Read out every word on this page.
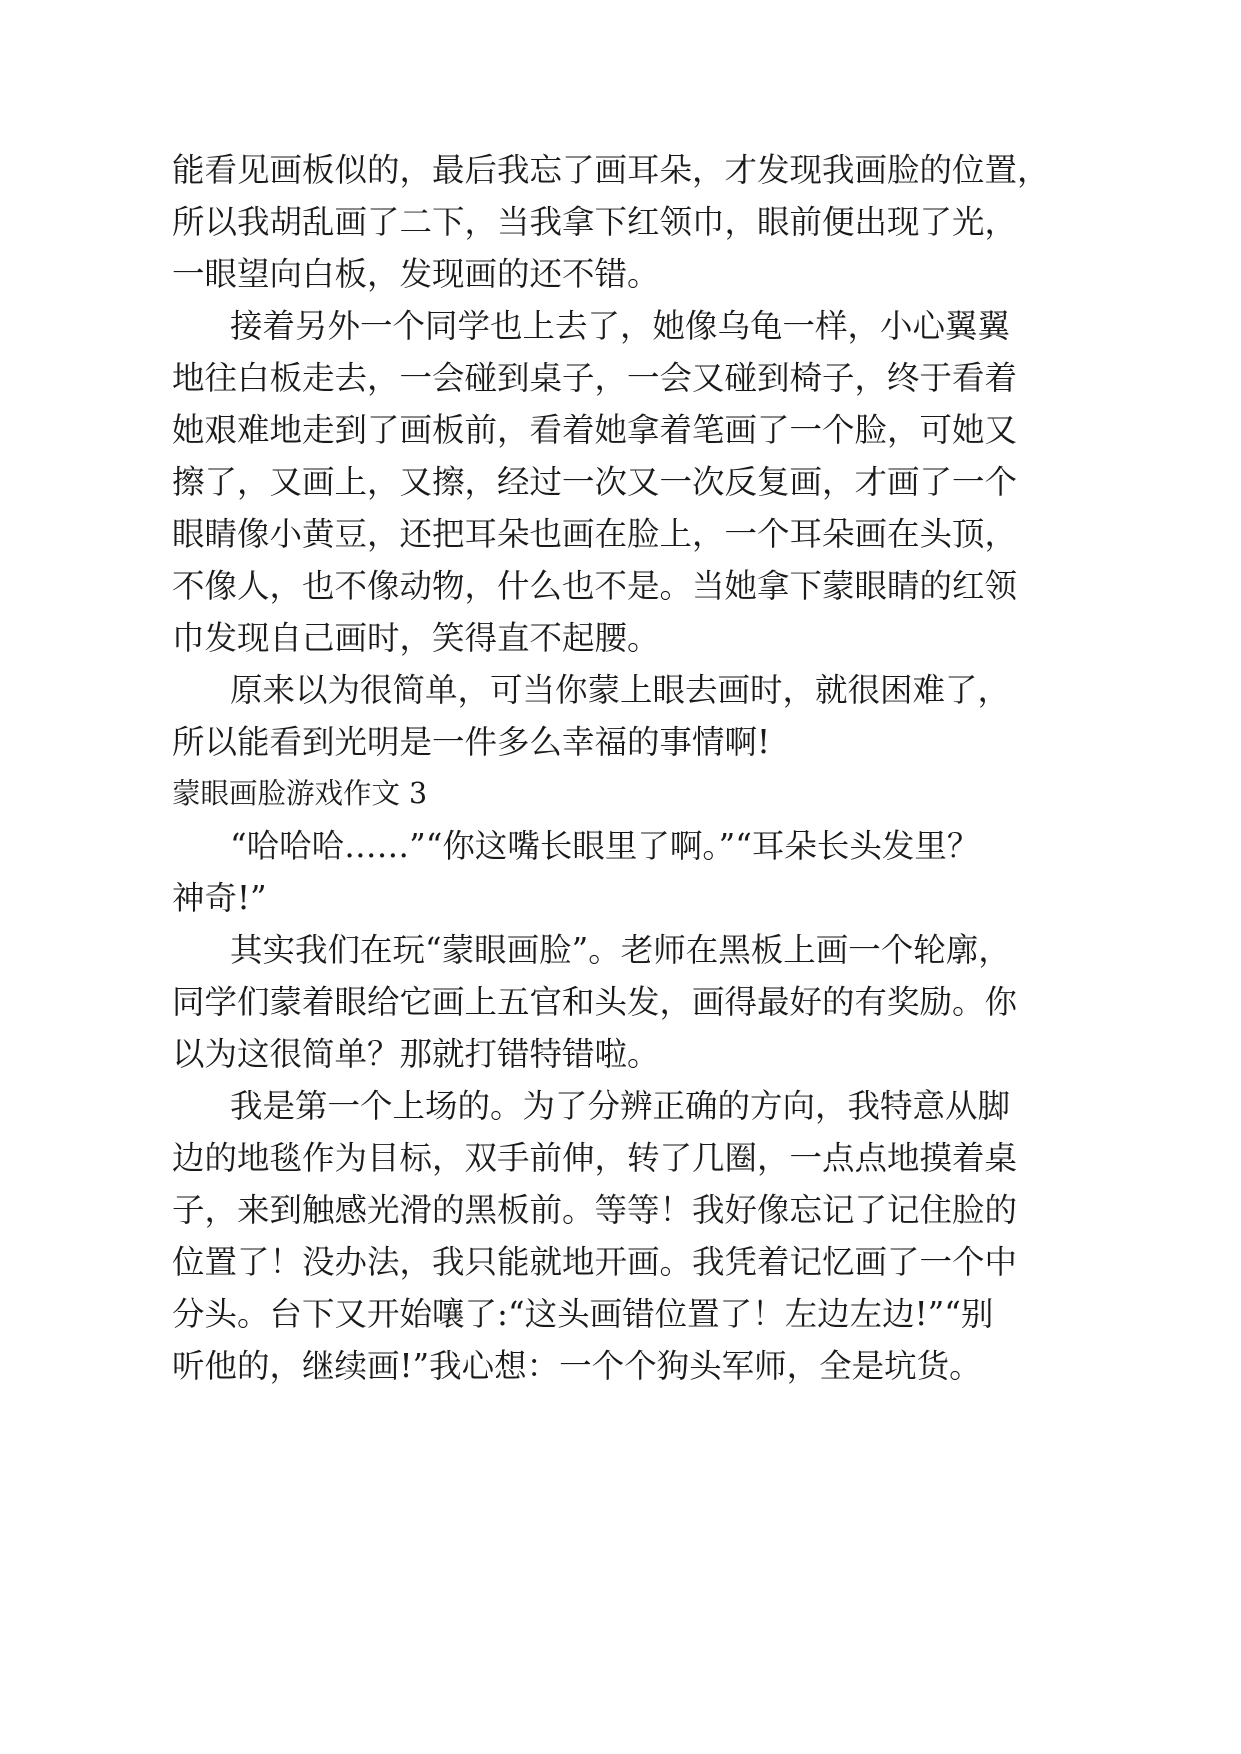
能看见画板似的，最后我忘了画耳朵，才发现我画脸的位置，
所以我胡乱画了二下，当我拿下红领巾，眼前便出现了光，
一眼望向白板，发现画的还不错。
接着另外一个同学也上去了，她像乌龟一样，小心翼翼
地往白板走去，一会碰到桌子，一会又碰到椅子，终于看着
她艰难地走到了画板前，看着她拿着笔画了一个脸，可她又
擦了，又画上，又擦，经过一次又一次反复画，才画了一个
眼睛像小黄豆，还把耳朵也画在脸上，一个耳朵画在头顶，
不像人，也不像动物，什么也不是。当她拿下蒙眼睛的红领
巾发现自己画时，笑得直不起腰。
原来以为很简单，可当你蒙上眼去画时，就很困难了，
所以能看到光明是一件多么幸福的事情啊!
蒙眼画脸游戏作文 3
“哈哈哈……”“你这嘴长眼里了啊。”“耳朵长头发里？
神奇!”
其实我们在玩“蒙眼画脸”。老师在黑板上画一个轮廓，
同学们蒙着眼给它画上五官和头发，画得最好的有奖励。你
以为这很简单？那就打错特错啦。
我是第一个上场的。为了分辨正确的方向，我特意从脚
边的地毯作为目标，双手前伸，转了几圈，一点点地摸着桌
子，来到触感光滑的黑板前。等等！我好像忘记了记住脸的
位置了！没办法，我只能就地开画。我凭着记忆画了一个中
分头。台下又开始嚷了:“这头画错位置了！左边左边!”“别
听他的，继续画!”我心想：一个个狗头军师，全是坑货。
